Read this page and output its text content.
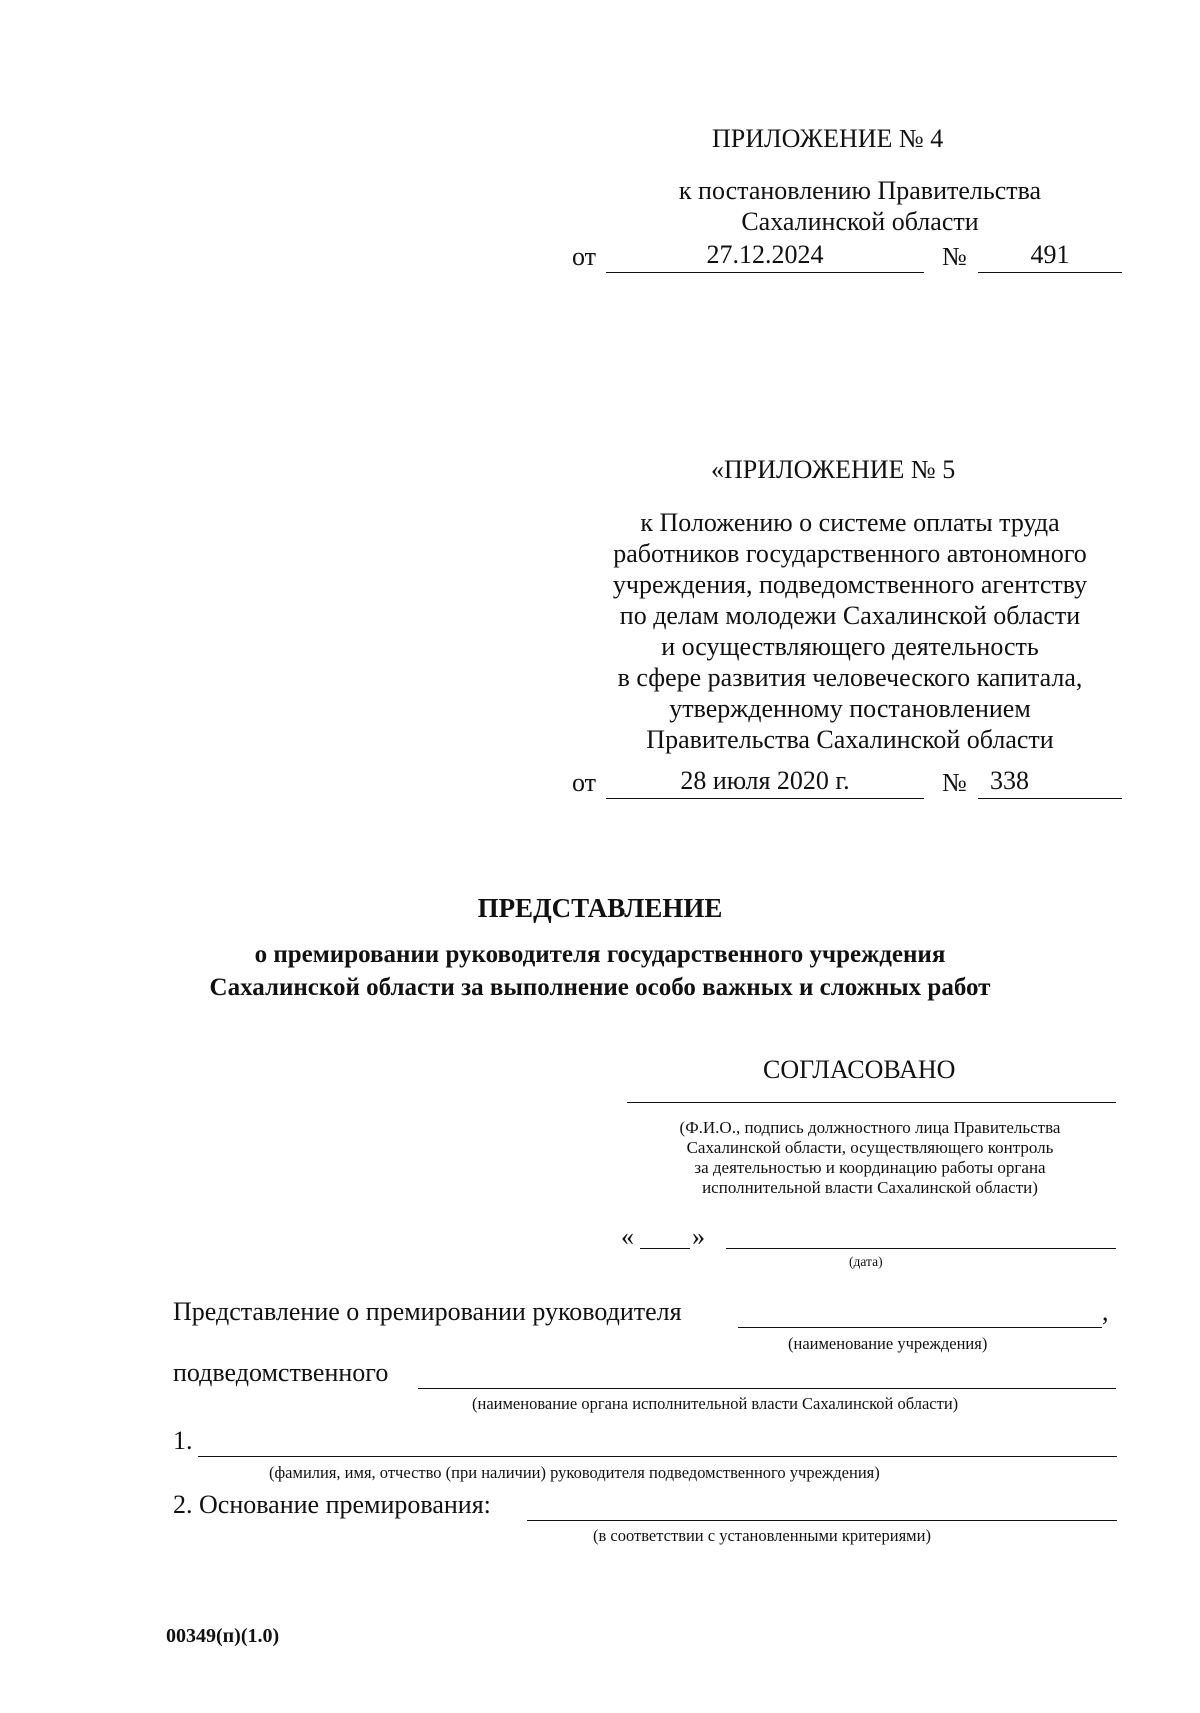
ПРИЛОЖЕНИЕ № 4
к постановлению Правительства
Сахалинской области
от	27.12.2024	№	491
«ПРИЛОЖЕНИЕ № 5
к Положению о системе оплаты труда
работников государственного автономного
учреждения, подведомственного агентству
по делам молодежи Сахалинской области
и осуществляющего деятельность
в сфере развития человеческого капитала,
утвержденному постановлением
Правительства Сахалинской области
от	28 июля 2020 г.	№ 338
ПРЕДСТАВЛЕНИЕ
о премировании руководителя государственного учреждения
Сахалинской области за выполнение особо важных и сложных работ
СОГЛАСОВАНО
(Ф.И.О., подпись должностного лица Правительства
Сахалинской области, осуществляющего контроль
за деятельностью и координацию работы органа
исполнительной власти Сахалинской области)
« »
(дата)
Представление о премировании руководителя	,
(наименование учреждения)
подведомственного
(наименование органа исполнительной власти Сахалинской области)
1.
(фамилия, имя, отчество (при наличии) руководителя подведомственного учреждения)
2. Основание премирования:
(в соответствии с установленными критериями)
00349(п)(1.0)
